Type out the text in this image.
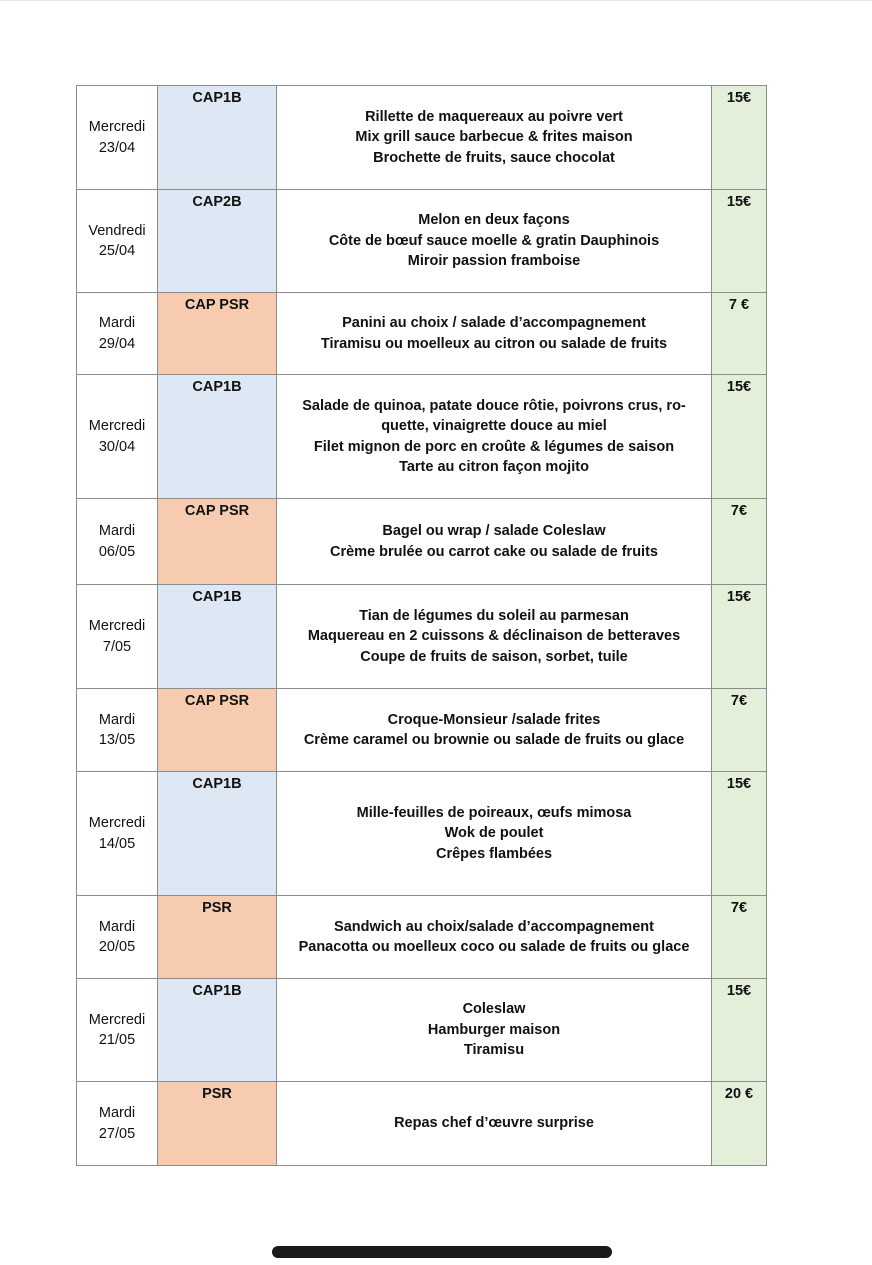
Mercredi
23/04	CAP1B	Rillette de maquereaux au poivre vert
Mix grill sauce barbecue & frites maison
Brochette de fruits, sauce chocolat	15€

Vendredi
25/04	CAP2B	Melon en deux façons
Côte de bœuf sauce moelle & gratin Dauphinois
Miroir passion framboise	15€

Mardi
29/04	CAP PSR	Panini au choix / salade d’accompagnement
Tiramisu ou moelleux au citron ou salade de fruits	7 €

Mercredi
30/04	CAP1B	Salade de quinoa, patate douce rôtie, poivrons crus, ro-
quette, vinaigrette douce au miel
Filet mignon de porc en croûte & légumes de saison
Tarte au citron façon mojito	15€

Mardi
06/05	CAP PSR	Bagel ou wrap / salade Coleslaw
Crème brulée ou carrot cake ou salade de fruits	7€

Mercredi
7/05	CAP1B	Tian de légumes du soleil au parmesan
Maquereau en 2 cuissons & déclinaison de betteraves
Coupe de fruits de saison, sorbet, tuile	15€

Mardi
13/05	CAP PSR	Croque-Monsieur /salade frites
Crème caramel ou brownie ou salade de fruits ou glace	7€

Mercredi
14/05	CAP1B	Mille-feuilles de poireaux, œufs mimosa
Wok de poulet
Crêpes flambées	15€

Mardi
20/05	PSR	Sandwich au choix/salade d’accompagnement
Panacotta ou moelleux coco ou salade de fruits ou glace	7€

Mercredi
21/05	CAP1B	Coleslaw
Hamburger maison
Tiramisu	15€

Mardi
27/05	PSR	Repas chef d’œuvre surprise	20 €
